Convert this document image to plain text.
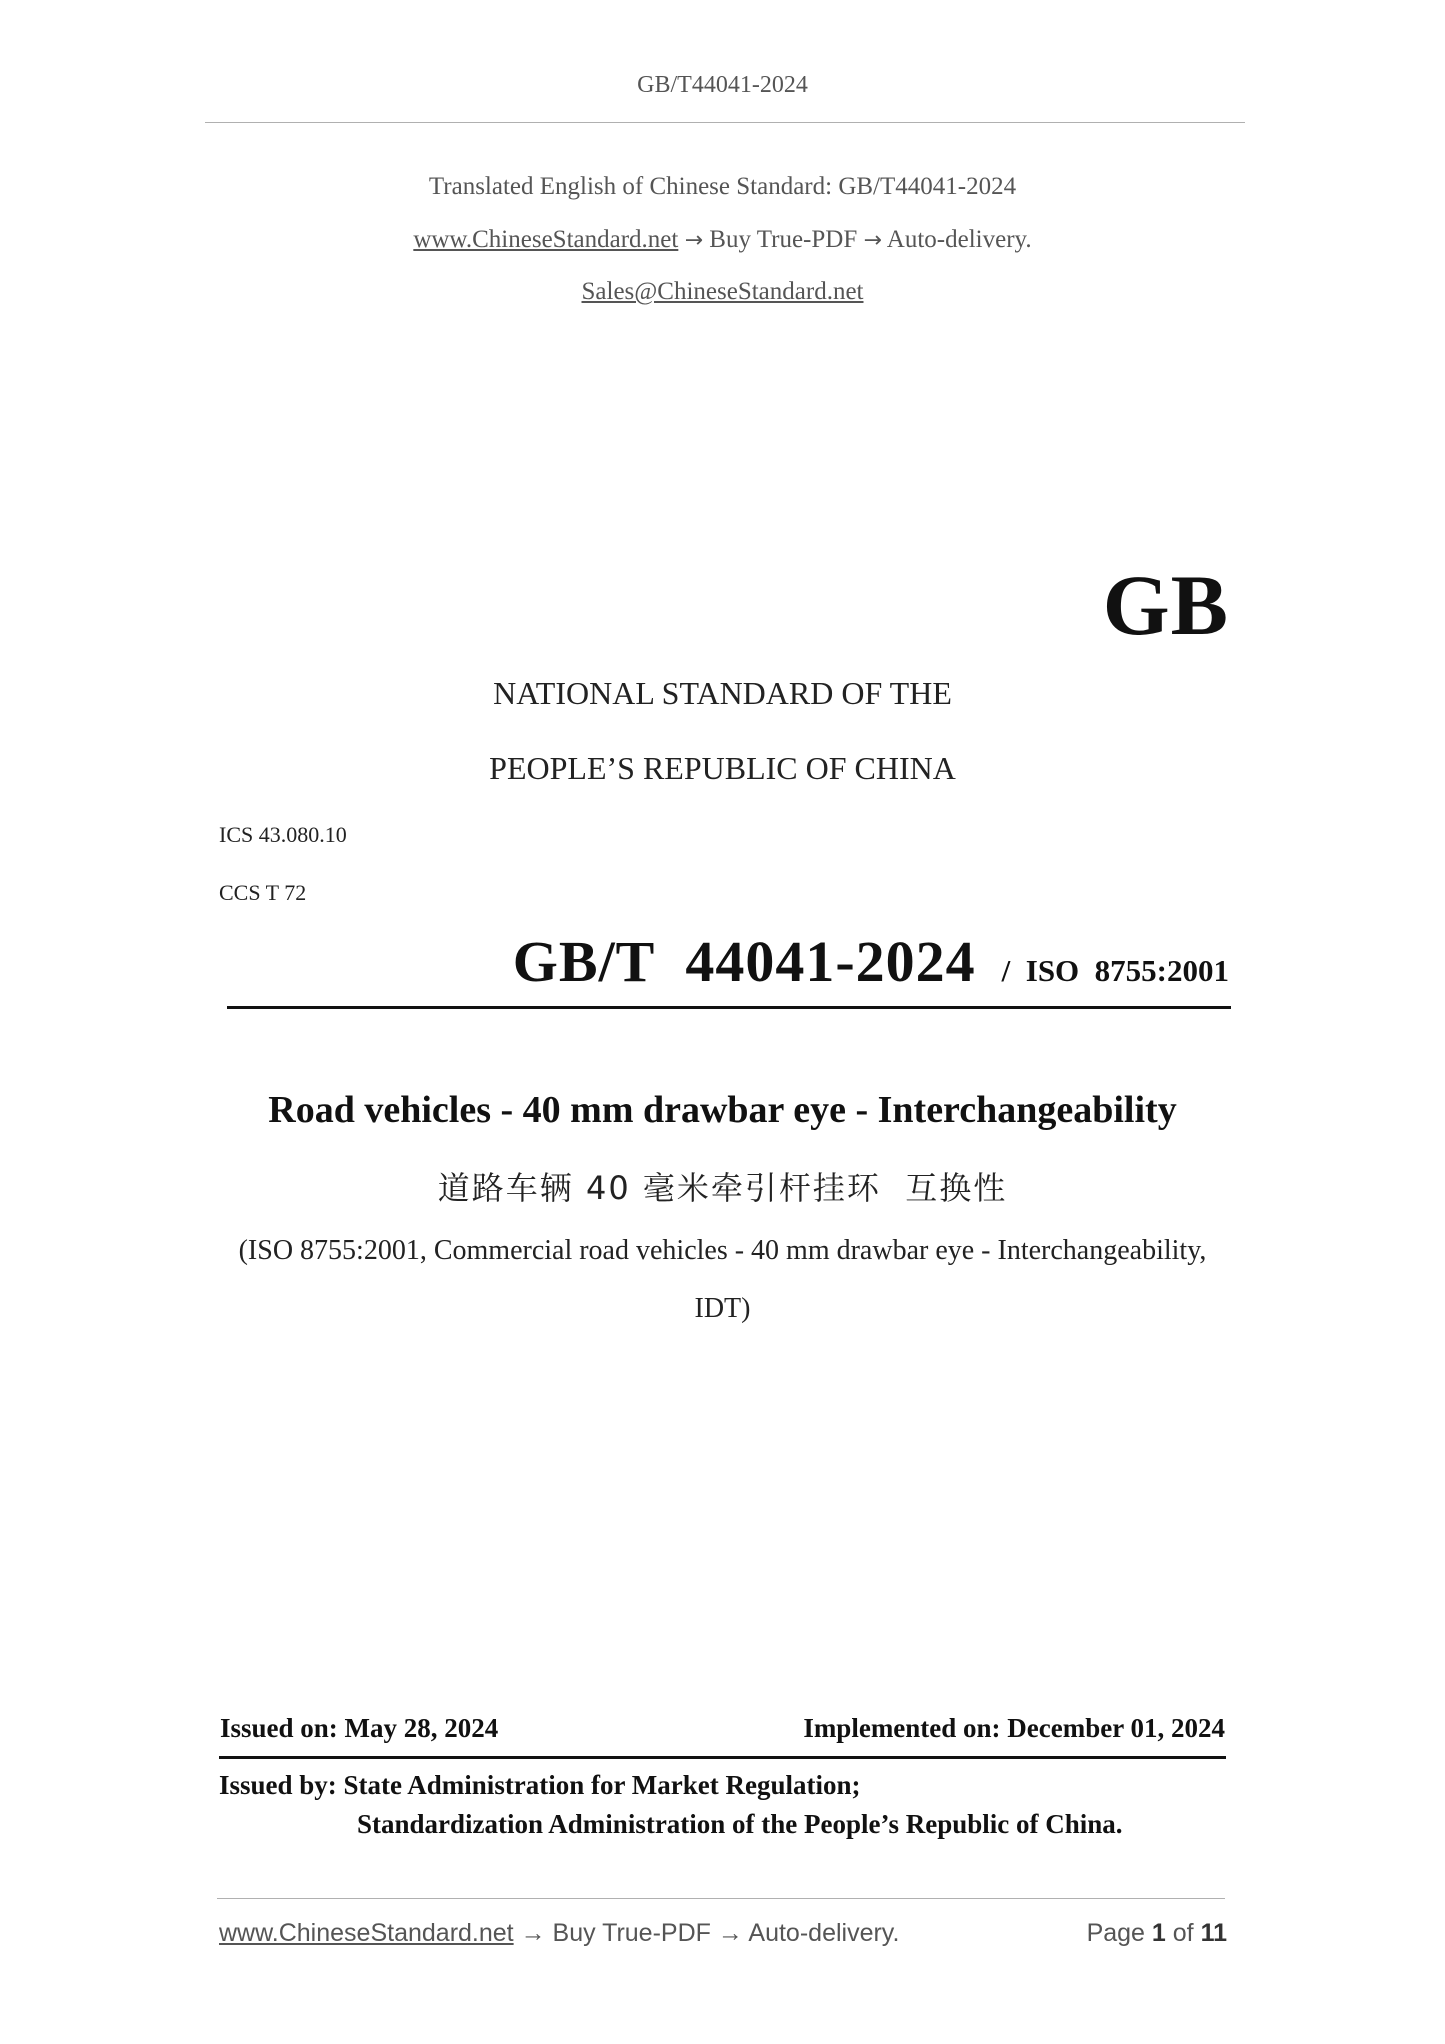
GB/T44041-2024
Translated English of Chinese Standard: GB/T44041-2024
www.ChineseStandard.net → Buy True-PDF → Auto-delivery.
Sales@ChineseStandard.net
GB
NATIONAL STANDARD OF THE
PEOPLE’S REPUBLIC OF CHINA
ICS 43.080.10
CCS T 72
GB/T  44041-2024 /  ISO  8755:2001
Road vehicles - 40 mm drawbar eye - Interchangeability
道路车辆 40 毫米牵引杆挂环  互换性
(ISO 8755:2001, Commercial road vehicles - 40 mm drawbar eye - Interchangeability,
IDT)
Issued on: May 28, 2024	Implemented on: December 01, 2024
Issued by: State Administration for Market Regulation;
Standardization Administration of the People’s Republic of China.
www.ChineseStandard.net → Buy True-PDF → Auto-delivery.	Page 1 of 11
